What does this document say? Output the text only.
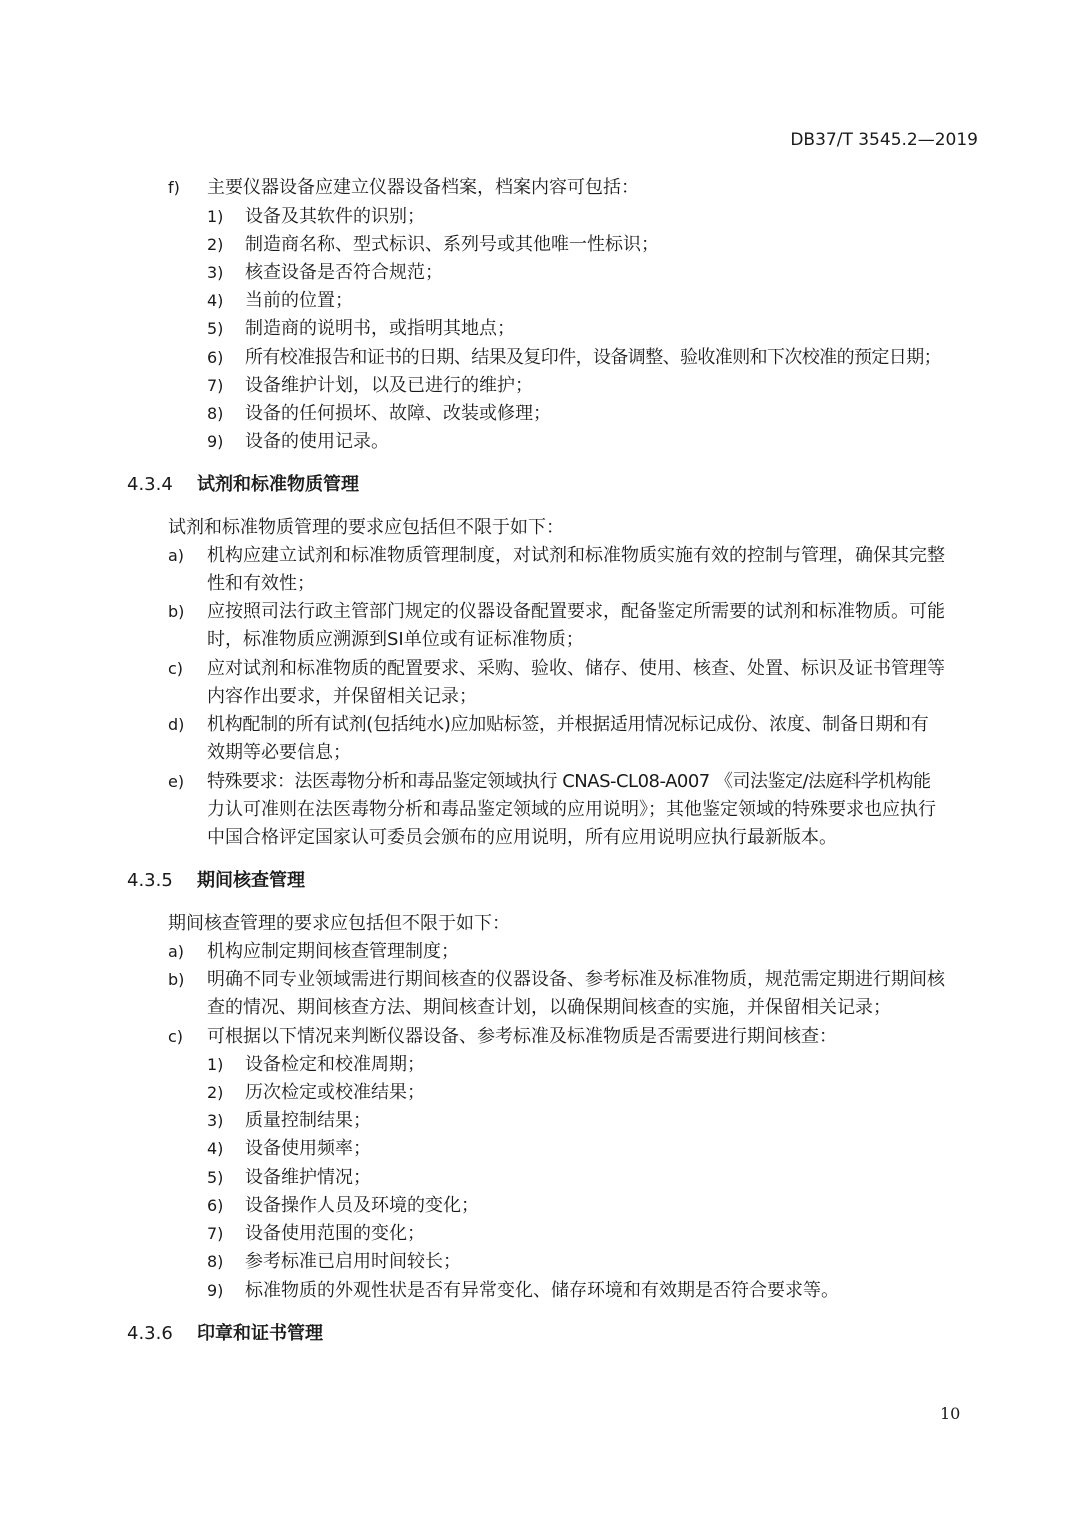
DB37/T 3545.2—2019
f) 主要仪器设备应建立仪器设备档案，档案内容可包括：
1) 设备及其软件的识别；
2) 制造商名称、型式标识、系列号或其他唯一性标识；
3) 核查设备是否符合规范；
4) 当前的位置；
5) 制造商的说明书，或指明其地点；
6) 所有校准报告和证书的日期、结果及复印件，设备调整、验收准则和下次校准的预定日期；
7) 设备维护计划，以及已进行的维护；
8) 设备的任何损坏、故障、改装或修理；
9) 设备的使用记录。
4.3.4 试剂和标准物质管理
试剂和标准物质管理的要求应包括但不限于如下：
a) 机构应建立试剂和标准物质管理制度，对试剂和标准物质实施有效的控制与管理，确保其完整
性和有效性；
b) 应按照司法行政主管部门规定的仪器设备配置要求，配备鉴定所需要的试剂和标准物质。可能
时，标准物质应溯源到SI单位或有证标准物质；
c) 应对试剂和标准物质的配置要求、采购、验收、储存、使用、核查、处置、标识及证书管理等
内容作出要求，并保留相关记录；
d) 机构配制的所有试剂(包括纯水)应加贴标签，并根据适用情况标记成份、浓度、制备日期和有
效期等必要信息；
e) 特殊要求：法医毒物分析和毒品鉴定领域执行 CNAS-CL08-A007 《司法鉴定/法庭科学机构能
力认可准则在法医毒物分析和毒品鉴定领域的应用说明》；其他鉴定领域的特殊要求也应执行
中国合格评定国家认可委员会颁布的应用说明，所有应用说明应执行最新版本。
4.3.5 期间核查管理
期间核查管理的要求应包括但不限于如下：
a) 机构应制定期间核查管理制度；
b) 明确不同专业领域需进行期间核查的仪器设备、参考标准及标准物质，规范需定期进行期间核
查的情况、期间核查方法、期间核查计划，以确保期间核查的实施，并保留相关记录；
c) 可根据以下情况来判断仪器设备、参考标准及标准物质是否需要进行期间核查：
1) 设备检定和校准周期；
2) 历次检定或校准结果；
3) 质量控制结果；
4) 设备使用频率；
5) 设备维护情况；
6) 设备操作人员及环境的变化；
7) 设备使用范围的变化；
8) 参考标准已启用时间较长；
9) 标准物质的外观性状是否有异常变化、储存环境和有效期是否符合要求等。
4.3.6 印章和证书管理
10
